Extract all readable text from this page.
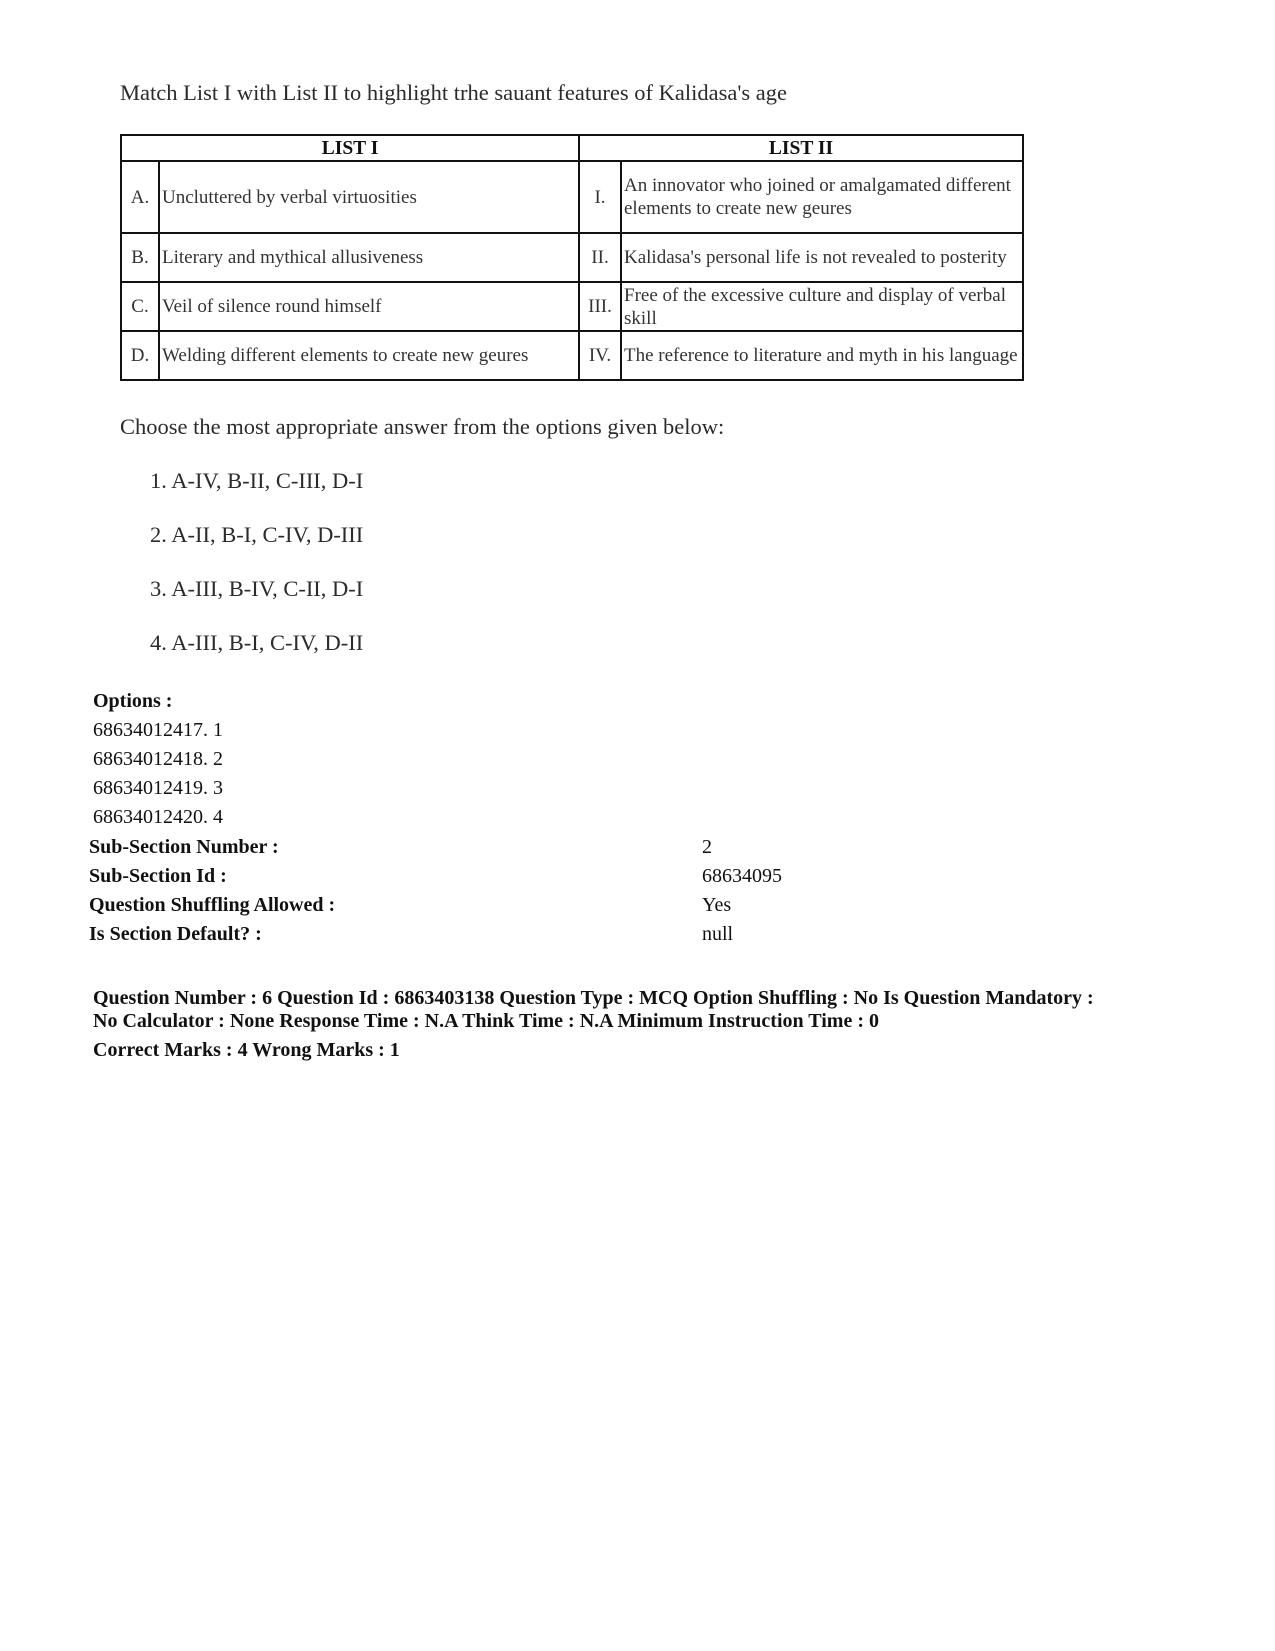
Match List I with List II to highlight trhe sauant features of Kalidasa's age
LIST I		LIST II	
A.	Uncluttered by verbal virtuosities	I.	An innovator who joined or amalgamated different elements to create new geures
B.	Literary and mythical allusiveness	II.	Kalidasa's personal life is not revealed to posterity
C.	Veil of silence round himself	III.	Free of the excessive culture and display of verbal skill
D.	Welding different elements to create new geures	IV.	The reference to literature and myth in his language
Choose the most appropriate answer from the options given below:
1. A-IV, B-II, C-III, D-I
2. A-II, B-I, C-IV, D-III
3. A-III, B-IV, C-II, D-I
4. A-III, B-I, C-IV, D-II
Options :
68634012417. 1
68634012418. 2
68634012419. 3
68634012420. 4
Sub-Section Number :	2
Sub-Section Id :	68634095
Question Shuffling Allowed :	Yes
Is Section Default? :	null
Question Number : 6 Question Id : 6863403138 Question Type : MCQ Option Shuffling : No Is Question Mandatory :
No Calculator : None Response Time : N.A Think Time : N.A Minimum Instruction Time : 0
Correct Marks : 4 Wrong Marks : 1
